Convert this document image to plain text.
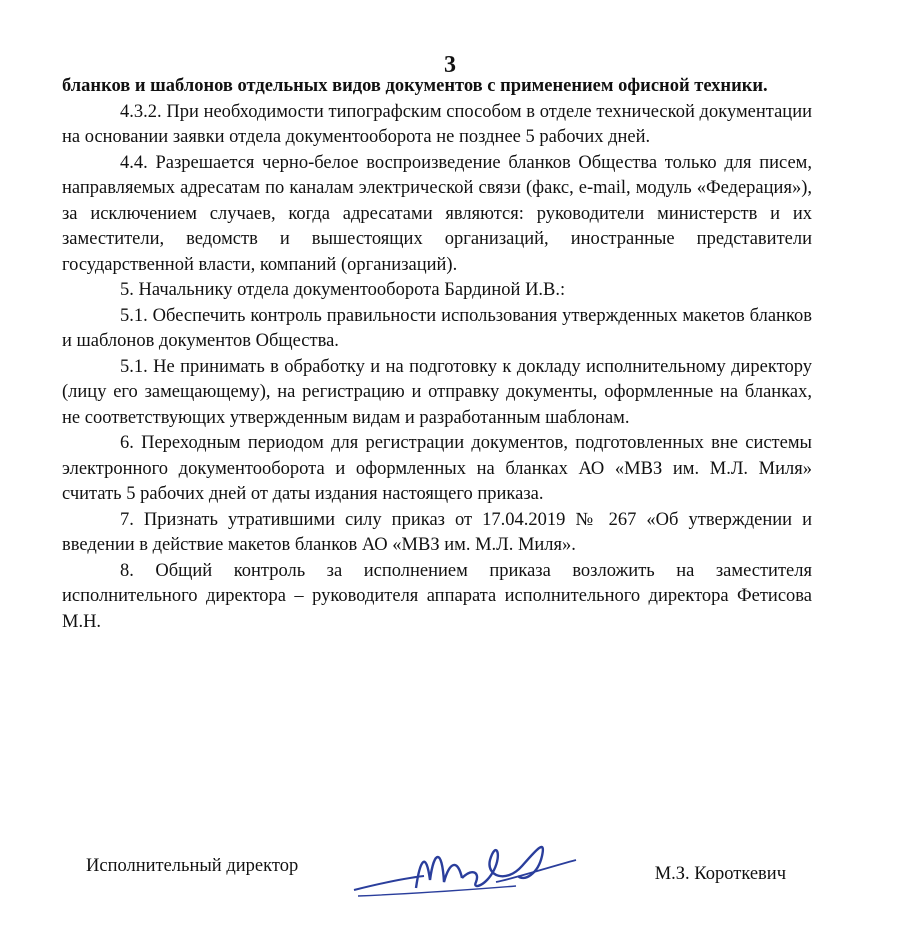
3

бланков и шаблонов отдельных видов документов с применением офисной техники.

4.3.2. При необходимости типографским способом в отделе технической документации на основании заявки отдела документооборота не позднее 5 рабочих дней.

4.4. Разрешается черно-белое воспроизведение бланков Общества только для писем, направляемых адресатам по каналам электрической связи (факс, e-mail, модуль «Федерация»), за исключением случаев, когда адресатами являются: руководители министерств и их заместители, ведомств и вышестоящих организаций, иностранные представители государственной власти, компаний (организаций).

5. Начальнику отдела документооборота Бардиной И.В.:

5.1. Обеспечить контроль правильности использования утвержденных макетов бланков и шаблонов документов Общества.

5.1. Не принимать в обработку и на подготовку к докладу исполнительному директору (лицу его замещающему), на регистрацию и отправку документы, оформленные на бланках, не соответствующих утвержденным видам и разработанным шаблонам.

6. Переходным периодом для регистрации документов, подготовленных вне системы электронного документооборота и оформленных на бланках АО «МВЗ им. М.Л. Миля» считать 5 рабочих дней от даты издания настоящего приказа.

7. Признать утратившими силу приказ от 17.04.2019 № 267 «Об утверждении и введении в действие макетов бланков АО «МВЗ им. М.Л. Миля».

8. Общий контроль за исполнением приказа возложить на заместителя исполнительного директора – руководителя аппарата исполнительного директора Фетисова М.Н.

Исполнительный директор	М.З. Короткевич
